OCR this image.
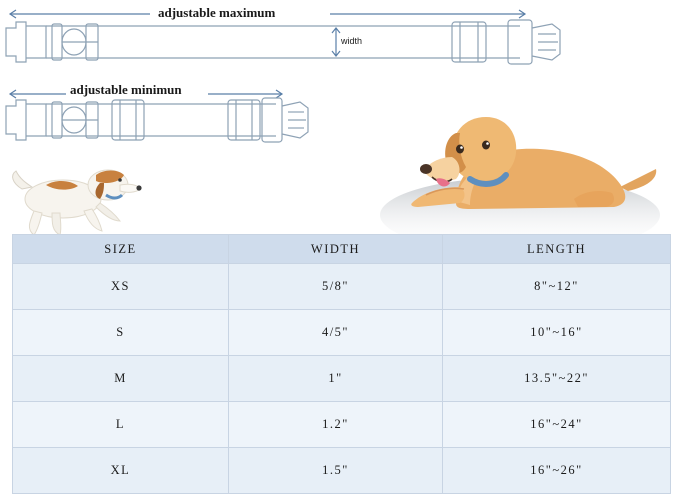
adjustable maximum
adjustable minimun
width
SIZE	WIDTH	LENGTH
XS	5/8"	8"~12"
S	4/5"	10"~16"
M	1"	13.5"~22"
L	1.2"	16"~24"
XL	1.5"	16"~26"
